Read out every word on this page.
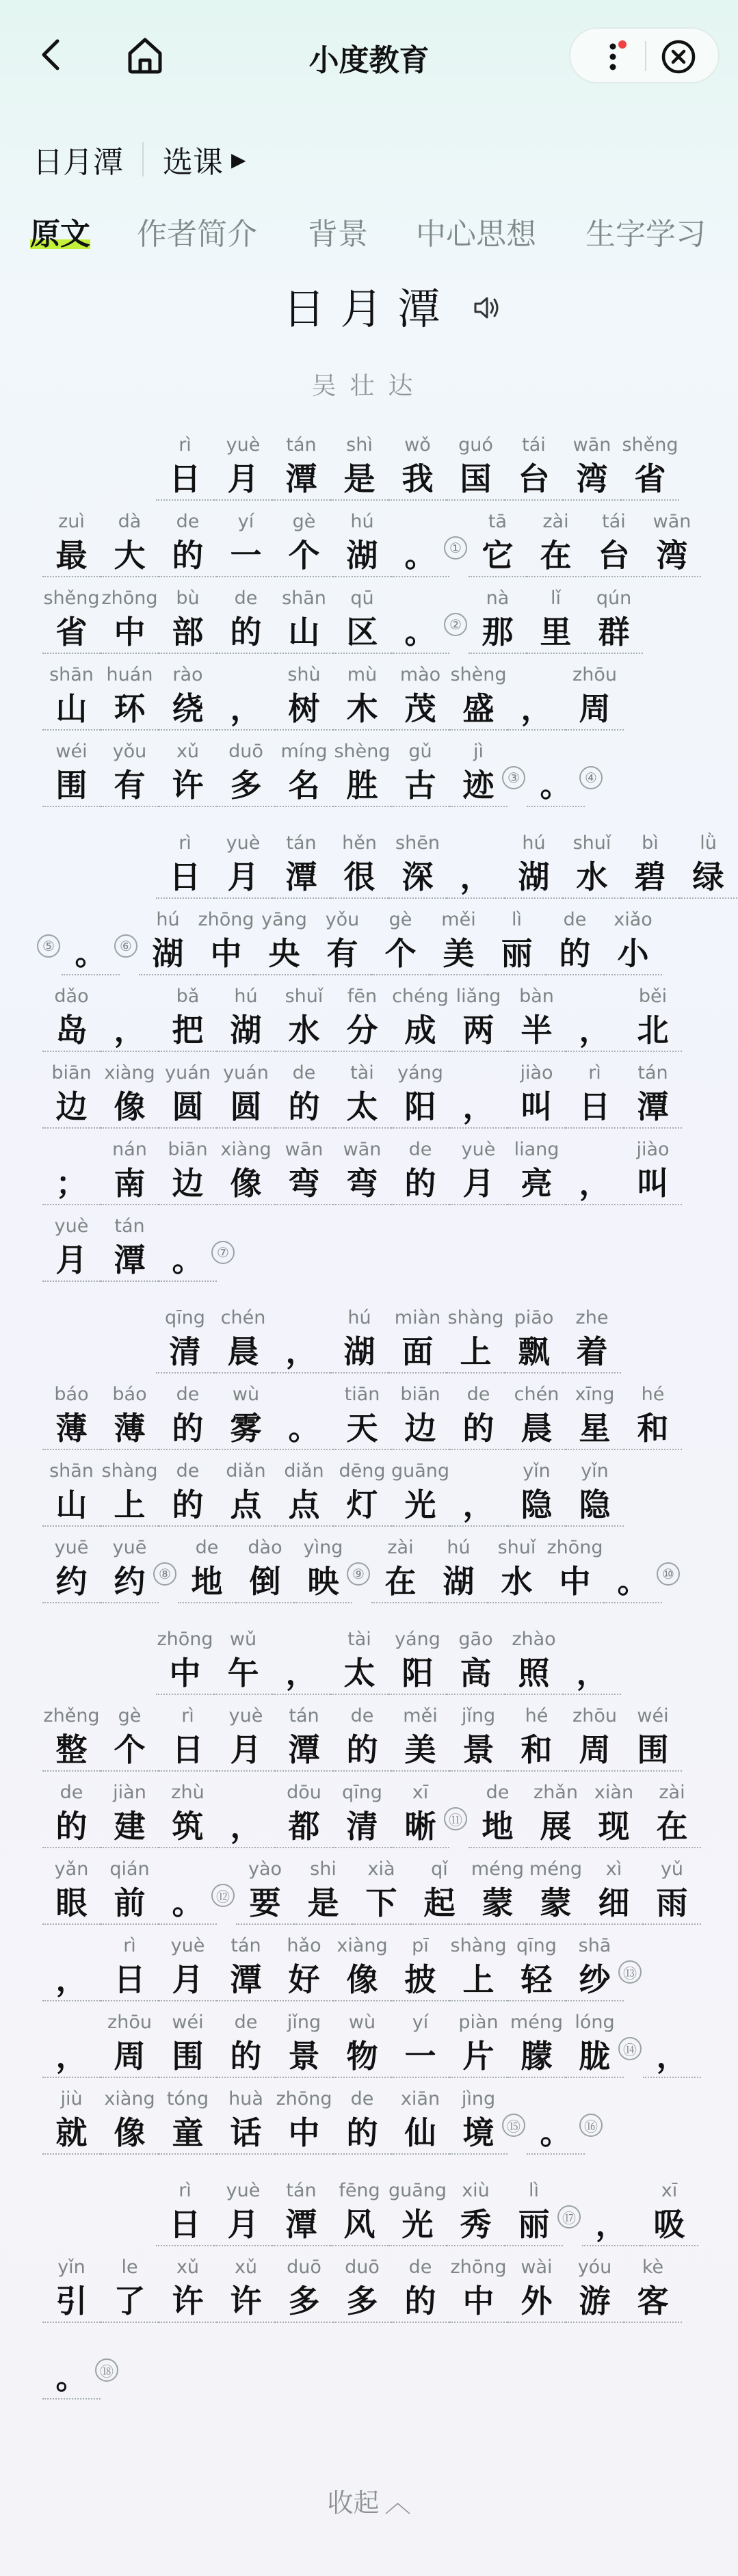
小度教育
日月潭 选课 ▶
原文 作者简介 背景 中心思想 生字学习
日月潭
吴壮达
rì
日
yuè
月
tán
潭
shì
是
wǒ
我
guó
国
tái
台
wān
湾
shěng
省
zuì
最
dà
大
de
的
yí
一
gè
个
hú
湖 。 ①
tā
它
zài
在
tái
台
wān
湾
shěng
省
zhōng
中
bù
部
de
的
shān
山
qū
区 。 ②
nà
那
lǐ
里
qún
群
shān
山
huán
环
rào
绕 ，
shù
树
mù
木
mào
茂
shèng
盛 ，
zhōu
周
wéi
围
yǒu
有
xǔ
许
duō
多
míng
名
shèng
胜
gǔ
古
jì
迹 ③ 。 ④
rì
日
yuè
月
tán
潭
hěn
很
shēn
深 ，
hú
湖
shuǐ
水
bì
碧
lǜ
绿
⑤ 。 ⑥
hú
湖
zhōng
中
yāng
央
yǒu
有
gè
个
měi
美
lì
丽
de
的
xiǎo
小
dǎo
岛 ，
bǎ
把
hú
湖
shuǐ
水
fēn
分
chéng
成
liǎng
两
bàn
半 ，
běi
北
biān
边
xiàng
像
yuán
圆
yuán
圆
de
的
tài
太
yáng
阳 ，
jiào
叫
rì
日
tán
潭
；
nán
南
biān
边
xiàng
像
wān
弯
wān
弯
de
的
yuè
月
liang
亮 ，
jiào
叫
yuè
月
tán
潭 。 ⑦
qīng
清
chén
晨 ，
hú
湖
miàn
面
shàng
上
piāo
飘
zhe
着
báo
薄
báo
薄
de
的
wù
雾 。
tiān
天
biān
边
de
的
chén
晨
xīng
星
hé
和
shān
山
shàng
上
de
的
diǎn
点
diǎn
点
dēng
灯
guāng
光 ，
yǐn
隐
yǐn
隐
yuē
约
yuē
约 ⑧
de
地
dào
倒
yìng
映 ⑨
zài
在
hú
湖
shuǐ
水
zhōng
中 。 ⑩
zhōng
中
wǔ
午 ，
tài
太
yáng
阳
gāo
高
zhào
照 ，
zhěng
整
gè
个
rì
日
yuè
月
tán
潭
de
的
měi
美
jǐng
景
hé
和
zhōu
周
wéi
围
de
的
jiàn
建
zhù
筑 ，
dōu
都
qīng
清
xī
晰 ⑪
de
地
zhǎn
展
xiàn
现
zài
在
yǎn
眼
qián
前 。 ⑫
yào
要
shi
是
xià
下
qǐ
起
méng
蒙
méng
蒙
xì
细
yǔ
雨
，
rì
日
yuè
月
tán
潭
hǎo
好
xiàng
像
pī
披
shàng
上
qīng
轻
shā
纱 ⑬
，
zhōu
周
wéi
围
de
的
jǐng
景
wù
物
yí
一
piàn
片
méng
朦
lóng
胧 ⑭ ，
jiù
就
xiàng
像
tóng
童
huà
话
zhōng
中
de
的
xiān
仙
jìng
境 ⑮ 。 ⑯
rì
日
yuè
月
tán
潭
fēng
风
guāng
光
xiù
秀
lì
丽 ⑰ ，
xī
吸
yǐn
引
le
了
xǔ
许
xǔ
许
duō
多
duō
多
de
的
zhōng
中
wài
外
yóu
游
kè
客
。 ⑱
收起 ︿
